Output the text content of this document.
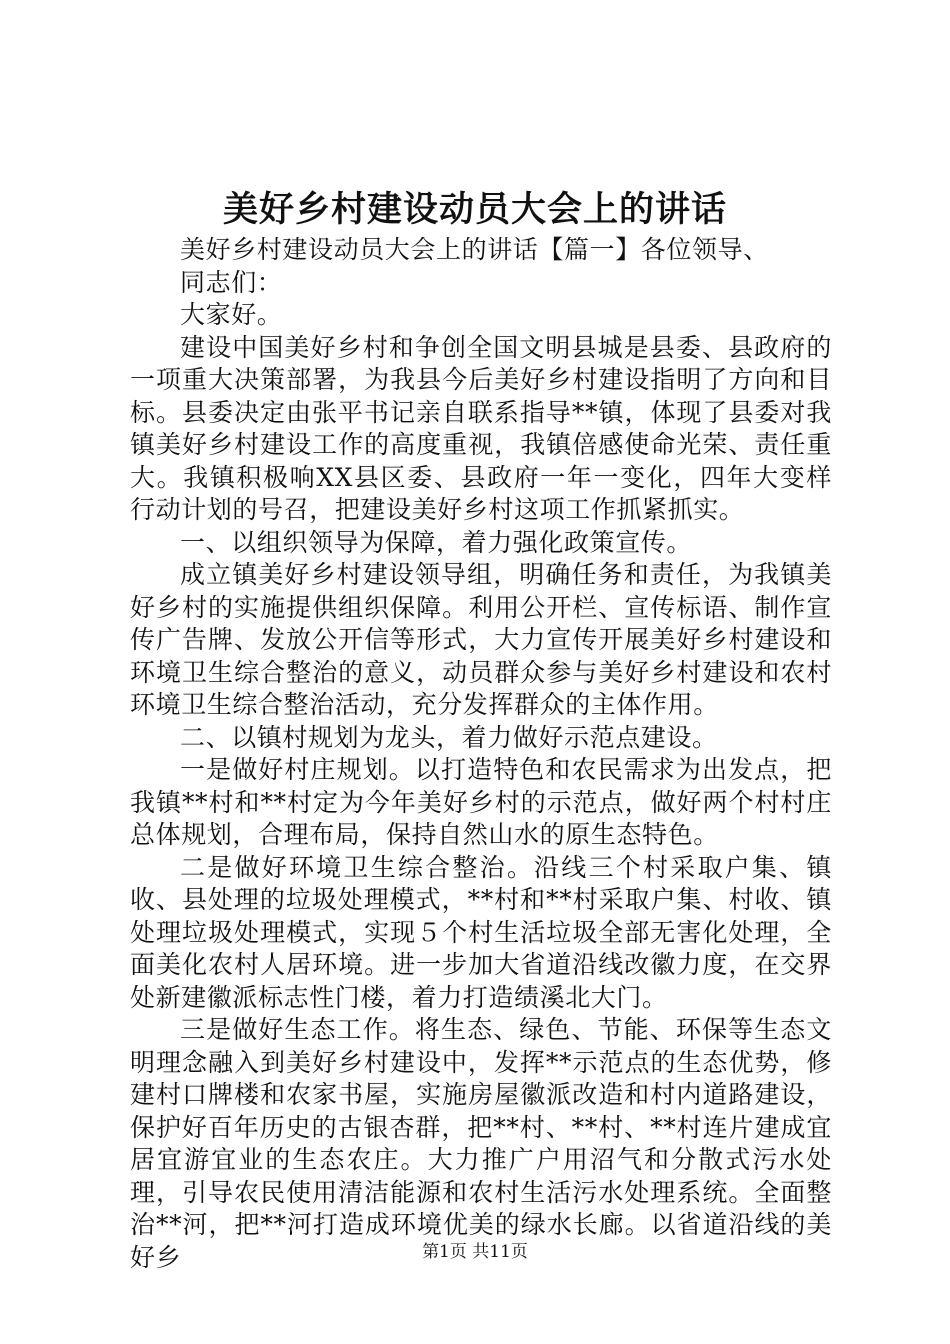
美好乡村建设动员大会上的讲话

美好乡村建设动员大会上的讲话【篇一】各位领导、

同志们：

大家好。

建设中国美好乡村和争创全国文明县城是县委、县政府的一项重大决策部署，为我县今后美好乡村建设指明了方向和目标。县委决定由张平书记亲自联系指导**镇，体现了县委对我镇美好乡村建设工作的高度重视，我镇倍感使命光荣、责任重大。我镇积极响XX县区委、县政府一年一变化，四年大变样行动计划的号召，把建设美好乡村这项工作抓紧抓实。

一、以组织领导为保障，着力强化政策宣传。

成立镇美好乡村建设领导组，明确任务和责任，为我镇美好乡村的实施提供组织保障。利用公开栏、宣传标语、制作宣传广告牌、发放公开信等形式，大力宣传开展美好乡村建设和环境卫生综合整治的意义，动员群众参与美好乡村建设和农村环境卫生综合整治活动，充分发挥群众的主体作用。

二、以镇村规划为龙头，着力做好示范点建设。

一是做好村庄规划。以打造特色和农民需求为出发点，把我镇**村和**村定为今年美好乡村的示范点，做好两个村村庄总体规划，合理布局，保持自然山水的原生态特色。

二是做好环境卫生综合整治。沿线三个村采取户集、镇收、县处理的垃圾处理模式，**村和**村采取户集、村收、镇处理垃圾处理模式，实现５个村生活垃圾全部无害化处理，全面美化农村人居环境。进一步加大省道沿线改徽力度，在交界处新建徽派标志性门楼，着力打造绩溪北大门。

三是做好生态工作。将生态、绿色、节能、环保等生态文明理念融入到美好乡村建设中，发挥**示范点的生态优势，修建村口牌楼和农家书屋，实施房屋徽派改造和村内道路建设，保护好百年历史的古银杏群，把**村、**村、**村连片建成宜居宜游宜业的生态农庄。大力推广户用沼气和分散式污水处理，引导农民使用清洁能源和农村生活污水处理系统。全面整治**河，把**河打造成环境优美的绿水长廊。以省道沿线的美好乡	第1页 共11页
